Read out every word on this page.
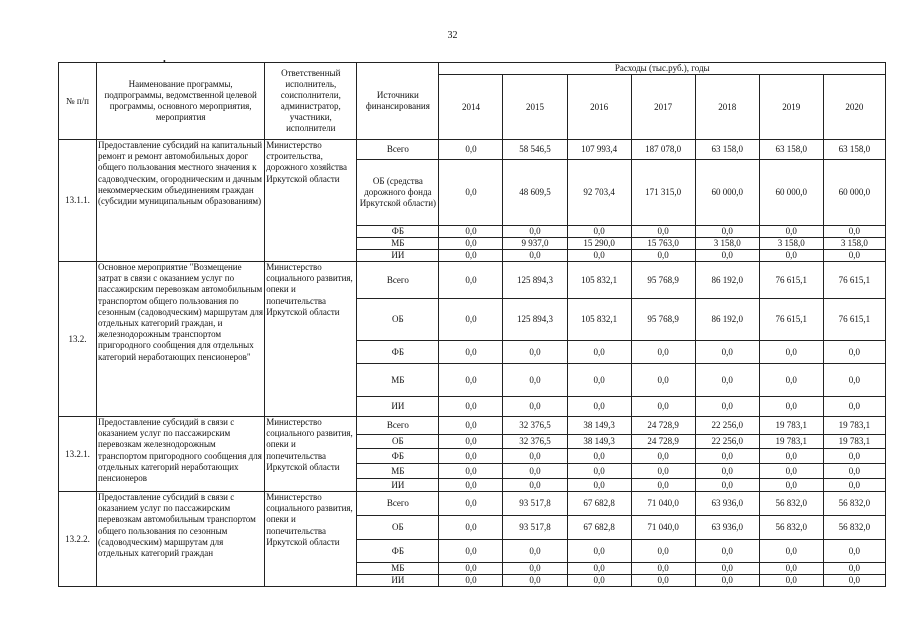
32
•
№ п/п	Наименование программы, подпрограммы, ведомственной целевой программы, основного мероприятия, мероприятия	Ответственный исполнитель, соисполнители, администратор, участники, исполнители	Источники финансирования	Расходы (тыс.руб.), годы						
				2014	2015	2016	2017	2018	2019	2020
13.1.1.	Предоставление субсидий на капитальный ремонт и ремонт автомобильных дорог общего пользования местного значения к садоводческим, огородническим и дачным некоммерческим объединениям граждан (субсидии муниципальным образованиям)	Министерство строительства, дорожного хозяйства Иркутской области	Всего	0,0	58 546,5	107 993,4	187 078,0	63 158,0	63 158,0	63 158,0
			ОБ (средства дорожного фонда Иркутской области)	0,0	48 609,5	92 703,4	171 315,0	60 000,0	60 000,0	60 000,0
			ФБ	0,0	0,0	0,0	0,0	0,0	0,0	0,0
			МБ	0,0	9 937,0	15 290,0	15 763,0	3 158,0	3 158,0	3 158,0
			ИИ	0,0	0,0	0,0	0,0	0,0	0,0	0,0
13.2.	Основное мероприятие "Возмещение затрат в связи с оказанием услуг по пассажирским перевозкам автомобильным транспортом общего пользования по сезонным (садоводческим) маршрутам для отдельных категорий граждан, и железнодорожным транспортом пригородного сообщения для отдельных категорий неработающих пенсионеров"	Министерство социального развития, опеки и попечительства Иркутской области	Всего	0,0	125 894,3	105 832,1	95 768,9	86 192,0	76 615,1	76 615,1
			ОБ	0,0	125 894,3	105 832,1	95 768,9	86 192,0	76 615,1	76 615,1
			ФБ	0,0	0,0	0,0	0,0	0,0	0,0	0,0
			МБ	0,0	0,0	0,0	0,0	0,0	0,0	0,0
			ИИ	0,0	0,0	0,0	0,0	0,0	0,0	0,0
13.2.1.	Предоставление субсидий в связи с оказанием услуг по пассажирским перевозкам железнодорожным транспортом пригородного сообщения для отдельных категорий неработающих пенсионеров	Министерство социального развития, опеки и попечительства Иркутской области	Всего	0,0	32 376,5	38 149,3	24 728,9	22 256,0	19 783,1	19 783,1
			ОБ	0,0	32 376,5	38 149,3	24 728,9	22 256,0	19 783,1	19 783,1
			ФБ	0,0	0,0	0,0	0,0	0,0	0,0	0,0
			МБ	0,0	0,0	0,0	0,0	0,0	0,0	0,0
			ИИ	0,0	0,0	0,0	0,0	0,0	0,0	0,0
13.2.2.	Предоставление субсидий в связи с оказанием услуг по пассажирским перевозкам автомобильным транспортом общего пользования по сезонным (садоводческим) маршрутам для отдельных категорий граждан	Министерство социального развития, опеки и попечительства Иркутской области	Всего	0,0	93 517,8	67 682,8	71 040,0	63 936,0	56 832,0	56 832,0
			ОБ	0,0	93 517,8	67 682,8	71 040,0	63 936,0	56 832,0	56 832,0
			ФБ	0,0	0,0	0,0	0,0	0,0	0,0	0,0
			МБ	0,0	0,0	0,0	0,0	0,0	0,0	0,0
			ИИ	0,0	0,0	0,0	0,0	0,0	0,0	0,0
